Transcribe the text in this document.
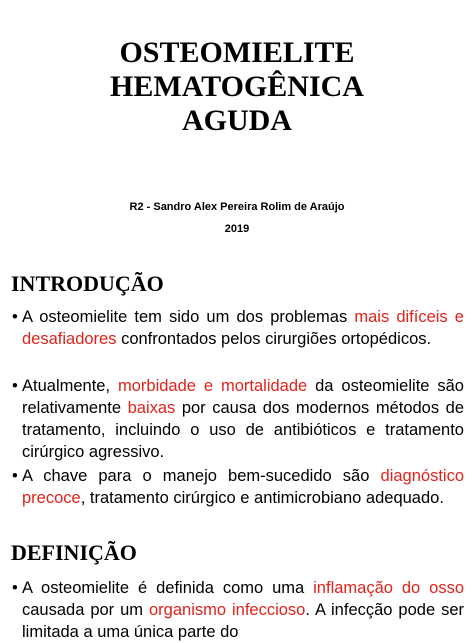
OSTEOMIELITE
HEMATOGÊNICA
AGUDA
R2 - Sandro Alex Pereira Rolim de Araújo
2019
INTRODUÇÃO
• A osteomielite tem sido um dos problemas mais difíceis e desafiadores confrontados pelos cirurgiões ortopédicos.
• Atualmente, morbidade e mortalidade da osteomielite são relativamente baixas por causa dos modernos métodos de tratamento, incluindo o uso de antibióticos e tratamento cirúrgico agressivo.
• A chave para o manejo bem-sucedido são diagnóstico precoce, tratamento cirúrgico e antimicrobiano adequado.
DEFINIÇÃO
• A osteomielite é definida como uma inflamação do osso causada por um organismo infeccioso. A infecção pode ser limitada a uma única parte do
